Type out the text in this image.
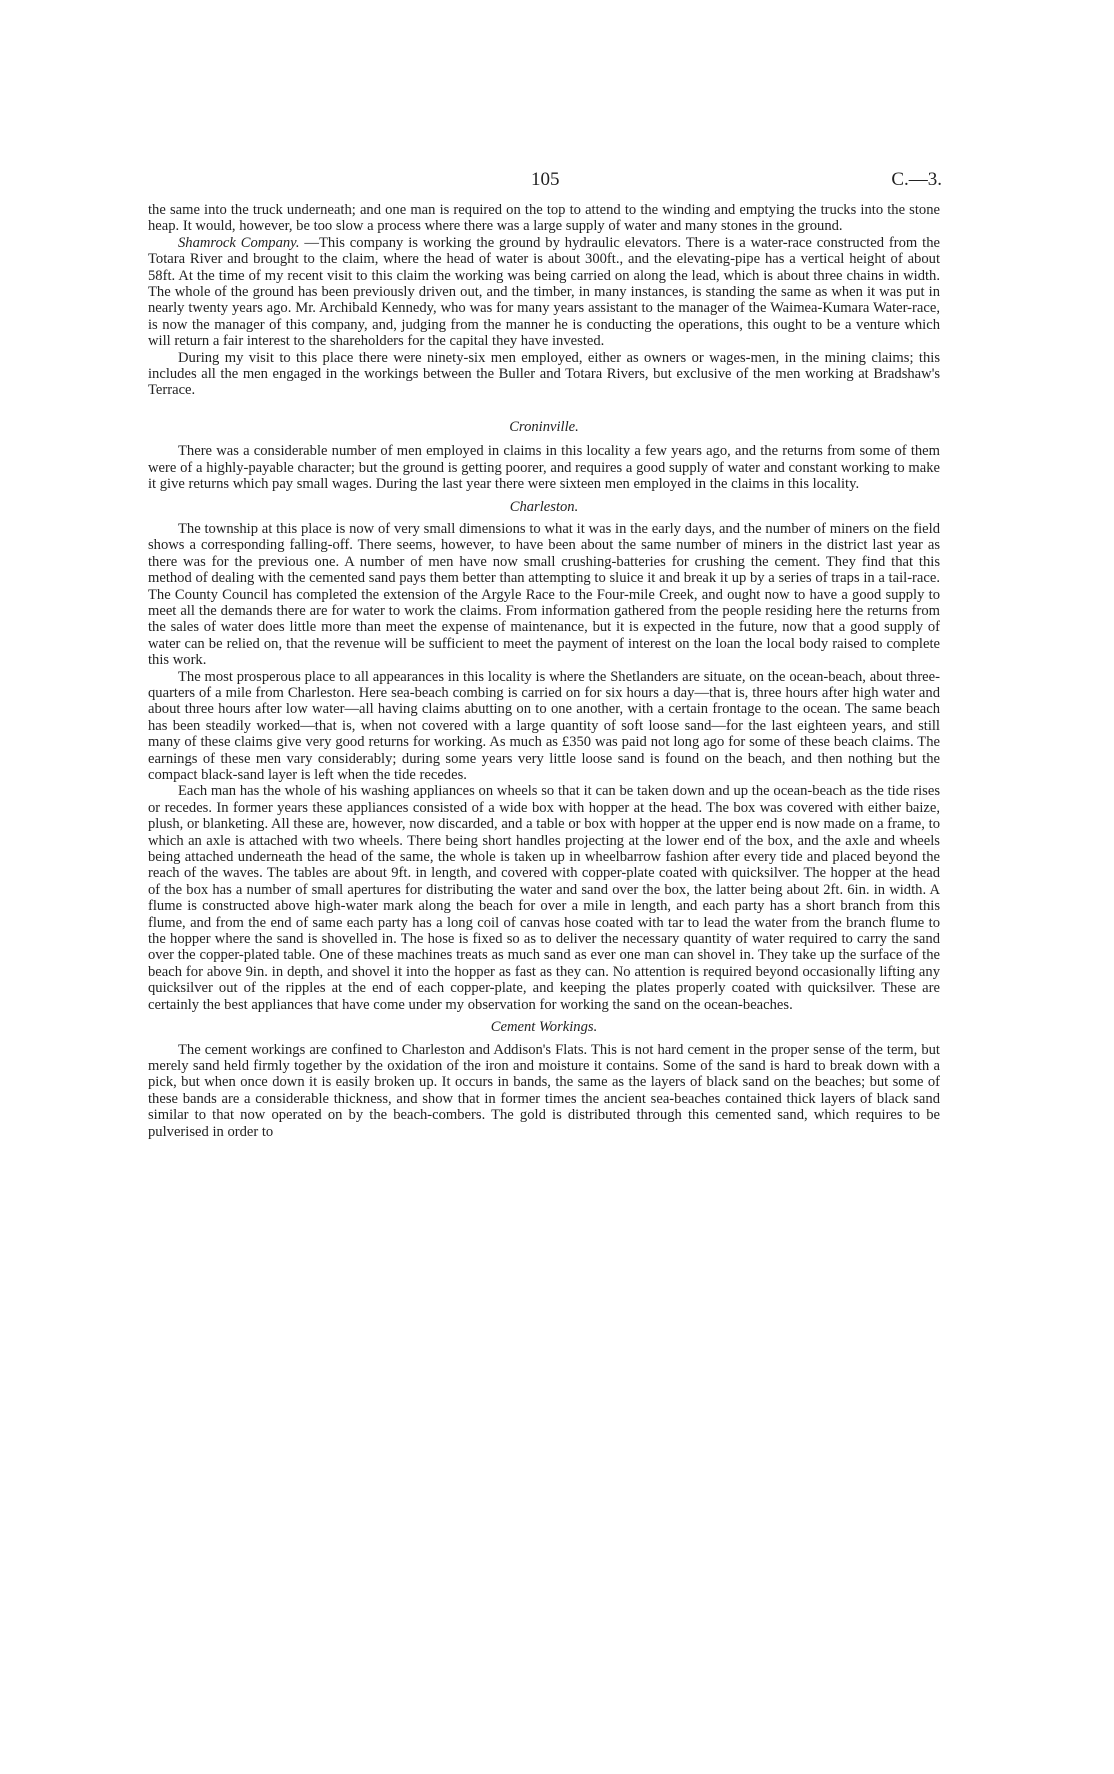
105	C.—3.

the same into the truck underneath; and one man is required on the top to attend to the winding and emptying the trucks into the stone heap. It would, however, be too slow a process where there was a large supply of water and many stones in the ground.

Shamrock Company. —This company is working the ground by hydraulic elevators. There is a water-race constructed from the Totara River and brought to the claim, where the head of water is about 300ft., and the elevating-pipe has a vertical height of about 58ft. At the time of my recent visit to this claim the working was being carried on along the lead, which is about three chains in width. The whole of the ground has been previously driven out, and the timber, in many instances, is standing the same as when it was put in nearly twenty years ago. Mr. Archibald Kennedy, who was for many years assistant to the manager of the Waimea-Kumara Water-race, is now the manager of this company, and, judging from the manner he is conducting the operations, this ought to be a venture which will return a fair interest to the shareholders for the capital they have invested.

During my visit to this place there were ninety-six men employed, either as owners or wages-men, in the mining claims; this includes all the men engaged in the workings between the Buller and Totara Rivers, but exclusive of the men working at Bradshaw's Terrace.

Croninville.

There was a considerable number of men employed in claims in this locality a few years ago, and the returns from some of them were of a highly-payable character; but the ground is getting poorer, and requires a good supply of water and constant working to make it give returns which pay small wages. During the last year there were sixteen men employed in the claims in this locality.

Charleston.

The township at this place is now of very small dimensions to what it was in the early days, and the number of miners on the field shows a corresponding falling-off. There seems, however, to have been about the same number of miners in the district last year as there was for the previous one. A number of men have now small crushing-batteries for crushing the cement. They find that this method of dealing with the cemented sand pays them better than attempting to sluice it and break it up by a series of traps in a tail-race. The County Council has completed the extension of the Argyle Race to the Four-mile Creek, and ought now to have a good supply to meet all the demands there are for water to work the claims. From information gathered from the people residing here the returns from the sales of water does little more than meet the expense of maintenance, but it is expected in the future, now that a good supply of water can be relied on, that the revenue will be sufficient to meet the payment of interest on the loan the local body raised to complete this work.

The most prosperous place to all appearances in this locality is where the Shetlanders are situate, on the ocean-beach, about three-quarters of a mile from Charleston. Here sea-beach combing is carried on for six hours a day—that is, three hours after high water and about three hours after low water—all having claims abutting on to one another, with a certain frontage to the ocean. The same beach has been steadily worked—that is, when not covered with a large quantity of soft loose sand—for the last eighteen years, and still many of these claims give very good returns for working. As much as £350 was paid not long ago for some of these beach claims. The earnings of these men vary considerably; during some years very little loose sand is found on the beach, and then nothing but the compact black-sand layer is left when the tide recedes.

Each man has the whole of his washing appliances on wheels so that it can be taken down and up the ocean-beach as the tide rises or recedes. In former years these appliances consisted of a wide box with hopper at the head. The box was covered with either baize, plush, or blanketing. All these are, however, now discarded, and a table or box with hopper at the upper end is now made on a frame, to which an axle is attached with two wheels. There being short handles projecting at the lower end of the box, and the axle and wheels being attached underneath the head of the same, the whole is taken up in wheelbarrow fashion after every tide and placed beyond the reach of the waves. The tables are about 9ft. in length, and covered with copper-plate coated with quicksilver. The hopper at the head of the box has a number of small apertures for distributing the water and sand over the box, the latter being about 2ft. 6in. in width. A flume is constructed above high-water mark along the beach for over a mile in length, and each party has a short branch from this flume, and from the end of same each party has a long coil of canvas hose coated with tar to lead the water from the branch flume to the hopper where the sand is shovelled in. The hose is fixed so as to deliver the necessary quantity of water required to carry the sand over the copper-plated table. One of these machines treats as much sand as ever one man can shovel in. They take up the surface of the beach for above 9in. in depth, and shovel it into the hopper as fast as they can. No attention is required beyond occasionally lifting any quicksilver out of the ripples at the end of each copper-plate, and keeping the plates properly coated with quicksilver. These are certainly the best appliances that have come under my observation for working the sand on the ocean-beaches.

Cement Workings.

The cement workings are confined to Charleston and Addison's Flats. This is not hard cement in the proper sense of the term, but merely sand held firmly together by the oxidation of the iron and moisture it contains. Some of the sand is hard to break down with a pick, but when once down it is easily broken up. It occurs in bands, the same as the layers of black sand on the beaches; but some of these bands are a considerable thickness, and show that in former times the ancient sea-beaches contained thick layers of black sand similar to that now operated on by the beach-combers. The gold is distributed through this cemented sand, which requires to be pulverised in order to
